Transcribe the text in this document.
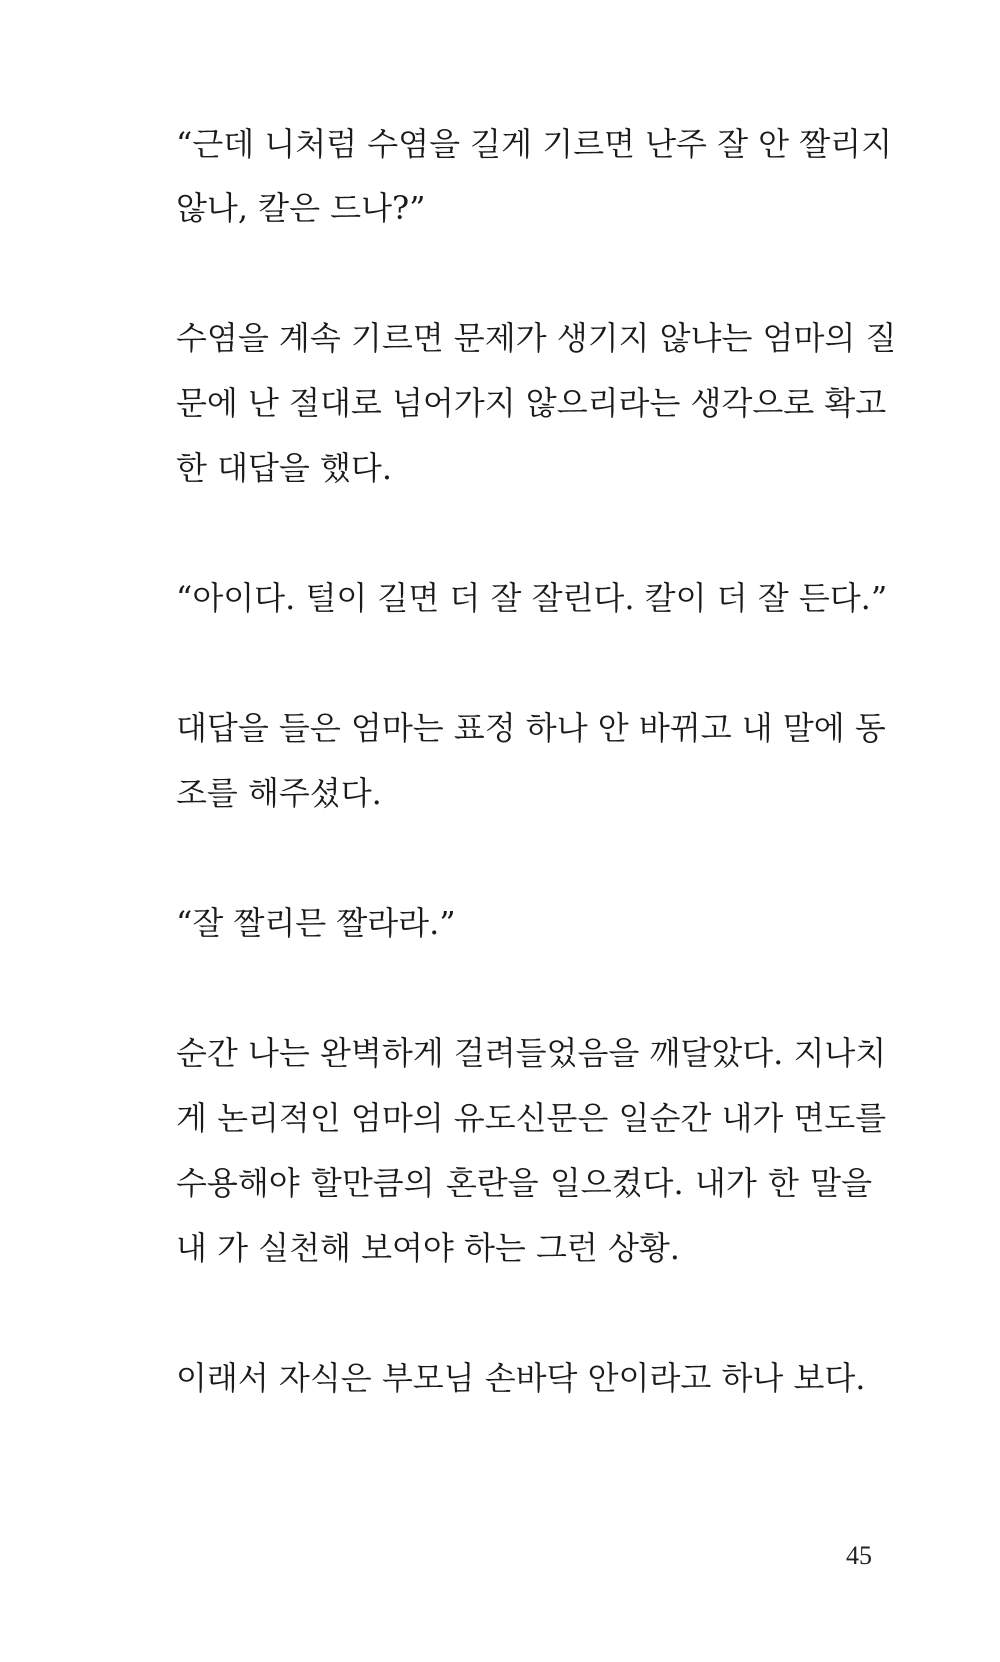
“근데 니처럼 수염을 길게 기르면 난주 잘 안 짤리지
않나, 칼은 드나?”
수염을 계속 기르면 문제가 생기지 않냐는 엄마의 질
문에 난 절대로 넘어가지 않으리라는 생각으로 확고
한 대답을 했다.
“아이다. 털이 길면 더 잘 잘린다. 칼이 더 잘 든다.”
대답을 들은 엄마는 표정 하나 안 바뀌고 내 말에 동
조를 해주셨다.
“잘 짤리믄 짤라라.”
순간 나는 완벽하게 걸려들었음을 깨달았다. 지나치
게 논리적인 엄마의 유도신문은 일순간 내가 면도를
수용해야 할만큼의 혼란을 일으켰다. 내가 한 말을
내 가 실천해 보여야 하는 그런 상황.
이래서 자식은 부모님 손바닥 안이라고 하나 보다.
45
